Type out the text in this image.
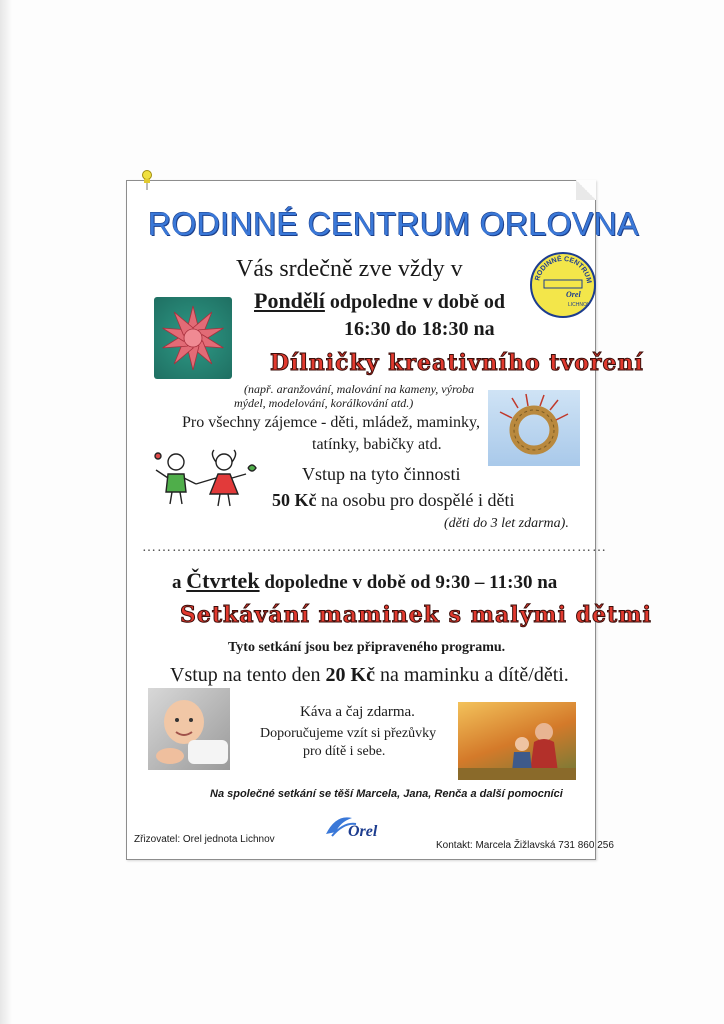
RODINNÉ CENTRUM ORLOVNA
RODINNÉ CENTRUM
Orel
LICHNOV
Vás srdečně zve vždy v
Pondělí odpoledne v době od
16:30 do 18:30 na
Dílničky kreativního tvoření
(např. aranžování, malování na kameny, výroba
mýdel, modelování, korálkování atd.)
Pro všechny zájemce - děti, mládež, maminky,
tatínky, babičky atd.
Vstup na tyto činnosti
50 Kč na osobu pro dospělé i děti
(děti do 3 let zdarma).
…………………………………………………………………………………
a Čtvrtek dopoledne v době od 9:30 – 11:30 na
Setkávání maminek s malými dětmi
Tyto setkání jsou bez připraveného programu.
Vstup na tento den 20 Kč na maminku a dítě/děti.
Káva a čaj zdarma.
Doporučujeme vzít si přezůvky
pro dítě i sebe.
Na společné setkání se těší Marcela, Jana, Renča a další pomocníci
Orel
Zřizovatel: Orel jednota Lichnov
Kontakt: Marcela Žižlavská 731 860 256
